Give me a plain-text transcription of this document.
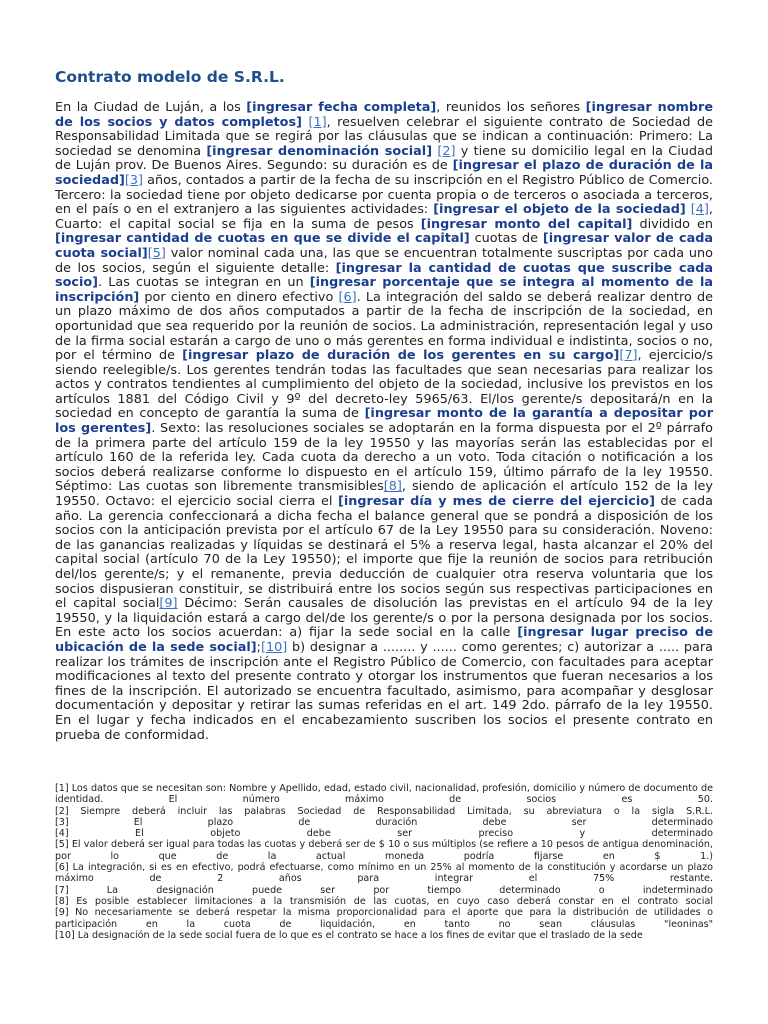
Contrato modelo de S.R.L.

En la Ciudad de Luján, a los [ingresar fecha completa], reunidos los señores [ingresar nombre de los socios y datos completos] [1], resuelven celebrar el siguiente contrato de Sociedad de Responsabilidad Limitada que se regirá por las cláusulas que se indican a continuación: Primero: La sociedad se denomina [ingresar denominación social] [2] y tiene su domicilio legal en la Ciudad de Luján prov. De Buenos Aires. Segundo: su duración es de [ingresar el plazo de duración de la sociedad][3] años, contados a partir de la fecha de su inscripción en el Registro Público de Comercio. Tercero: la sociedad tiene por objeto dedicarse por cuenta propia o de terceros o asociada a terceros, en el país o en el extranjero a las siguientes actividades: [ingresar el objeto de la sociedad] [4], Cuarto: el capital social se fija en la suma de pesos [ingresar monto del capital] dividido en [ingresar cantidad de cuotas en que se divide el capital] cuotas de [ingresar valor de cada cuota social][5] valor nominal cada una, las que se encuentran totalmente suscriptas por cada uno de los socios, según el siguiente detalle: [ingresar la cantidad de cuotas que suscribe cada socio]. Las cuotas se integran en un [ingresar porcentaje que se integra al momento de la inscripción] por ciento en dinero efectivo [6]. La integración del saldo se deberá realizar dentro de un plazo máximo de dos años computados a partir de la fecha de inscripción de la sociedad, en oportunidad que sea requerido por la reunión de socios. La administración, representación legal y uso de la firma social estarán a cargo de uno o más gerentes en forma individual e indistinta, socios o no, por el término de [ingresar plazo de duración de los gerentes en su cargo][7], ejercicio/s siendo reelegible/s. Los gerentes tendrán todas las facultades que sean necesarias para realizar los actos y contratos tendientes al cumplimiento del objeto de la sociedad, inclusive los previstos en los artículos 1881 del Código Civil y 9º del decreto-ley 5965/63. El/los gerente/s depositará/n en la sociedad en concepto de garantía la suma de [ingresar monto de la garantía a depositar por los gerentes]. Sexto: las resoluciones sociales se adoptarán en la forma dispuesta por el 2º párrafo de la primera parte del artículo 159 de la ley 19550 y las mayorías serán las establecidas por el artículo 160 de la referida ley. Cada cuota da derecho a un voto. Toda citación o notificación a los socios deberá realizarse conforme lo dispuesto en el artículo 159, último párrafo de la ley 19550. Séptimo: Las cuotas son libremente transmisibles[8], siendo de aplicación el artículo 152 de la ley 19550. Octavo: el ejercicio social cierra el [ingresar día y mes de cierre del ejercicio] de cada año. La gerencia confeccionará a dicha fecha el balance general que se pondrá a disposición de los socios con la anticipación prevista por el artículo 67 de la Ley 19550 para su consideración. Noveno: de las ganancias realizadas y líquidas se destinará el 5% a reserva legal, hasta alcanzar el 20% del capital social (artículo 70 de la Ley 19550); el importe que fije la reunión de socios para retribución del/los gerente/s; y el remanente, previa deducción de cualquier otra reserva voluntaria que los socios dispusieran constituir, se distribuirá entre los socios según sus respectivas participaciones en el capital social[9] Décimo: Serán causales de disolución las previstas en el artículo 94 de la ley 19550, y la liquidación estará a cargo del/de los gerente/s o por la persona designada por los socios. En este acto los socios acuerdan: a) fijar la sede social en la calle [ingresar lugar preciso de ubicación de la sede social];[10] b) designar a ........ y ...... como gerentes; c) autorizar a ..... para realizar los trámites de inscripción ante el Registro Público de Comercio, con facultades para aceptar modificaciones al texto del presente contrato y otorgar los instrumentos que fueran necesarios a los fines de la inscripción. El autorizado se encuentra facultado, asimismo, para acompañar y desglosar documentación y depositar y retirar las sumas referidas en el art. 149 2do. párrafo de la ley 19550. En el lugar y fecha indicados en el encabezamiento suscriben los socios el presente contrato en prueba de conformidad.

[1] Los datos que se necesitan son: Nombre y Apellido, edad, estado civil, nacionalidad, profesión, domicilio y número de documento de identidad. El número máximo de socios es 50.
[2] Siempre deberá incluir las palabras Sociedad de Responsabilidad Limitada, su abreviatura o la sigla S.R.L.
[3] El plazo de duración debe ser determinado
[4] El objeto debe ser preciso y determinado
[5] El valor deberá ser igual para todas las cuotas y deberá ser de $ 10 o sus múltiplos (se refiere a 10 pesos de antigua denominación, por lo que de la actual moneda podría fijarse en $ 1.)
[6] La integración, si es en efectivo, podrá efectuarse, como mínimo en un 25% al momento de la constitución y acordarse un plazo máximo de 2 años para integrar el 75% restante.
[7] La designación puede ser por tiempo determinado o indeterminado
[8] Es posible establecer limitaciones a la transmisión de las cuotas, en cuyo caso deberá constar en el contrato social
[9] No necesariamente se deberá respetar la misma proporcionalidad para el aporte que para la distribución de utilidades o participación en la cuota de liquidación, en tanto no sean cláusulas "leoninas"
[10] La designación de la sede social fuera de lo que es el contrato se hace a los fines de evitar que el traslado de la sede
